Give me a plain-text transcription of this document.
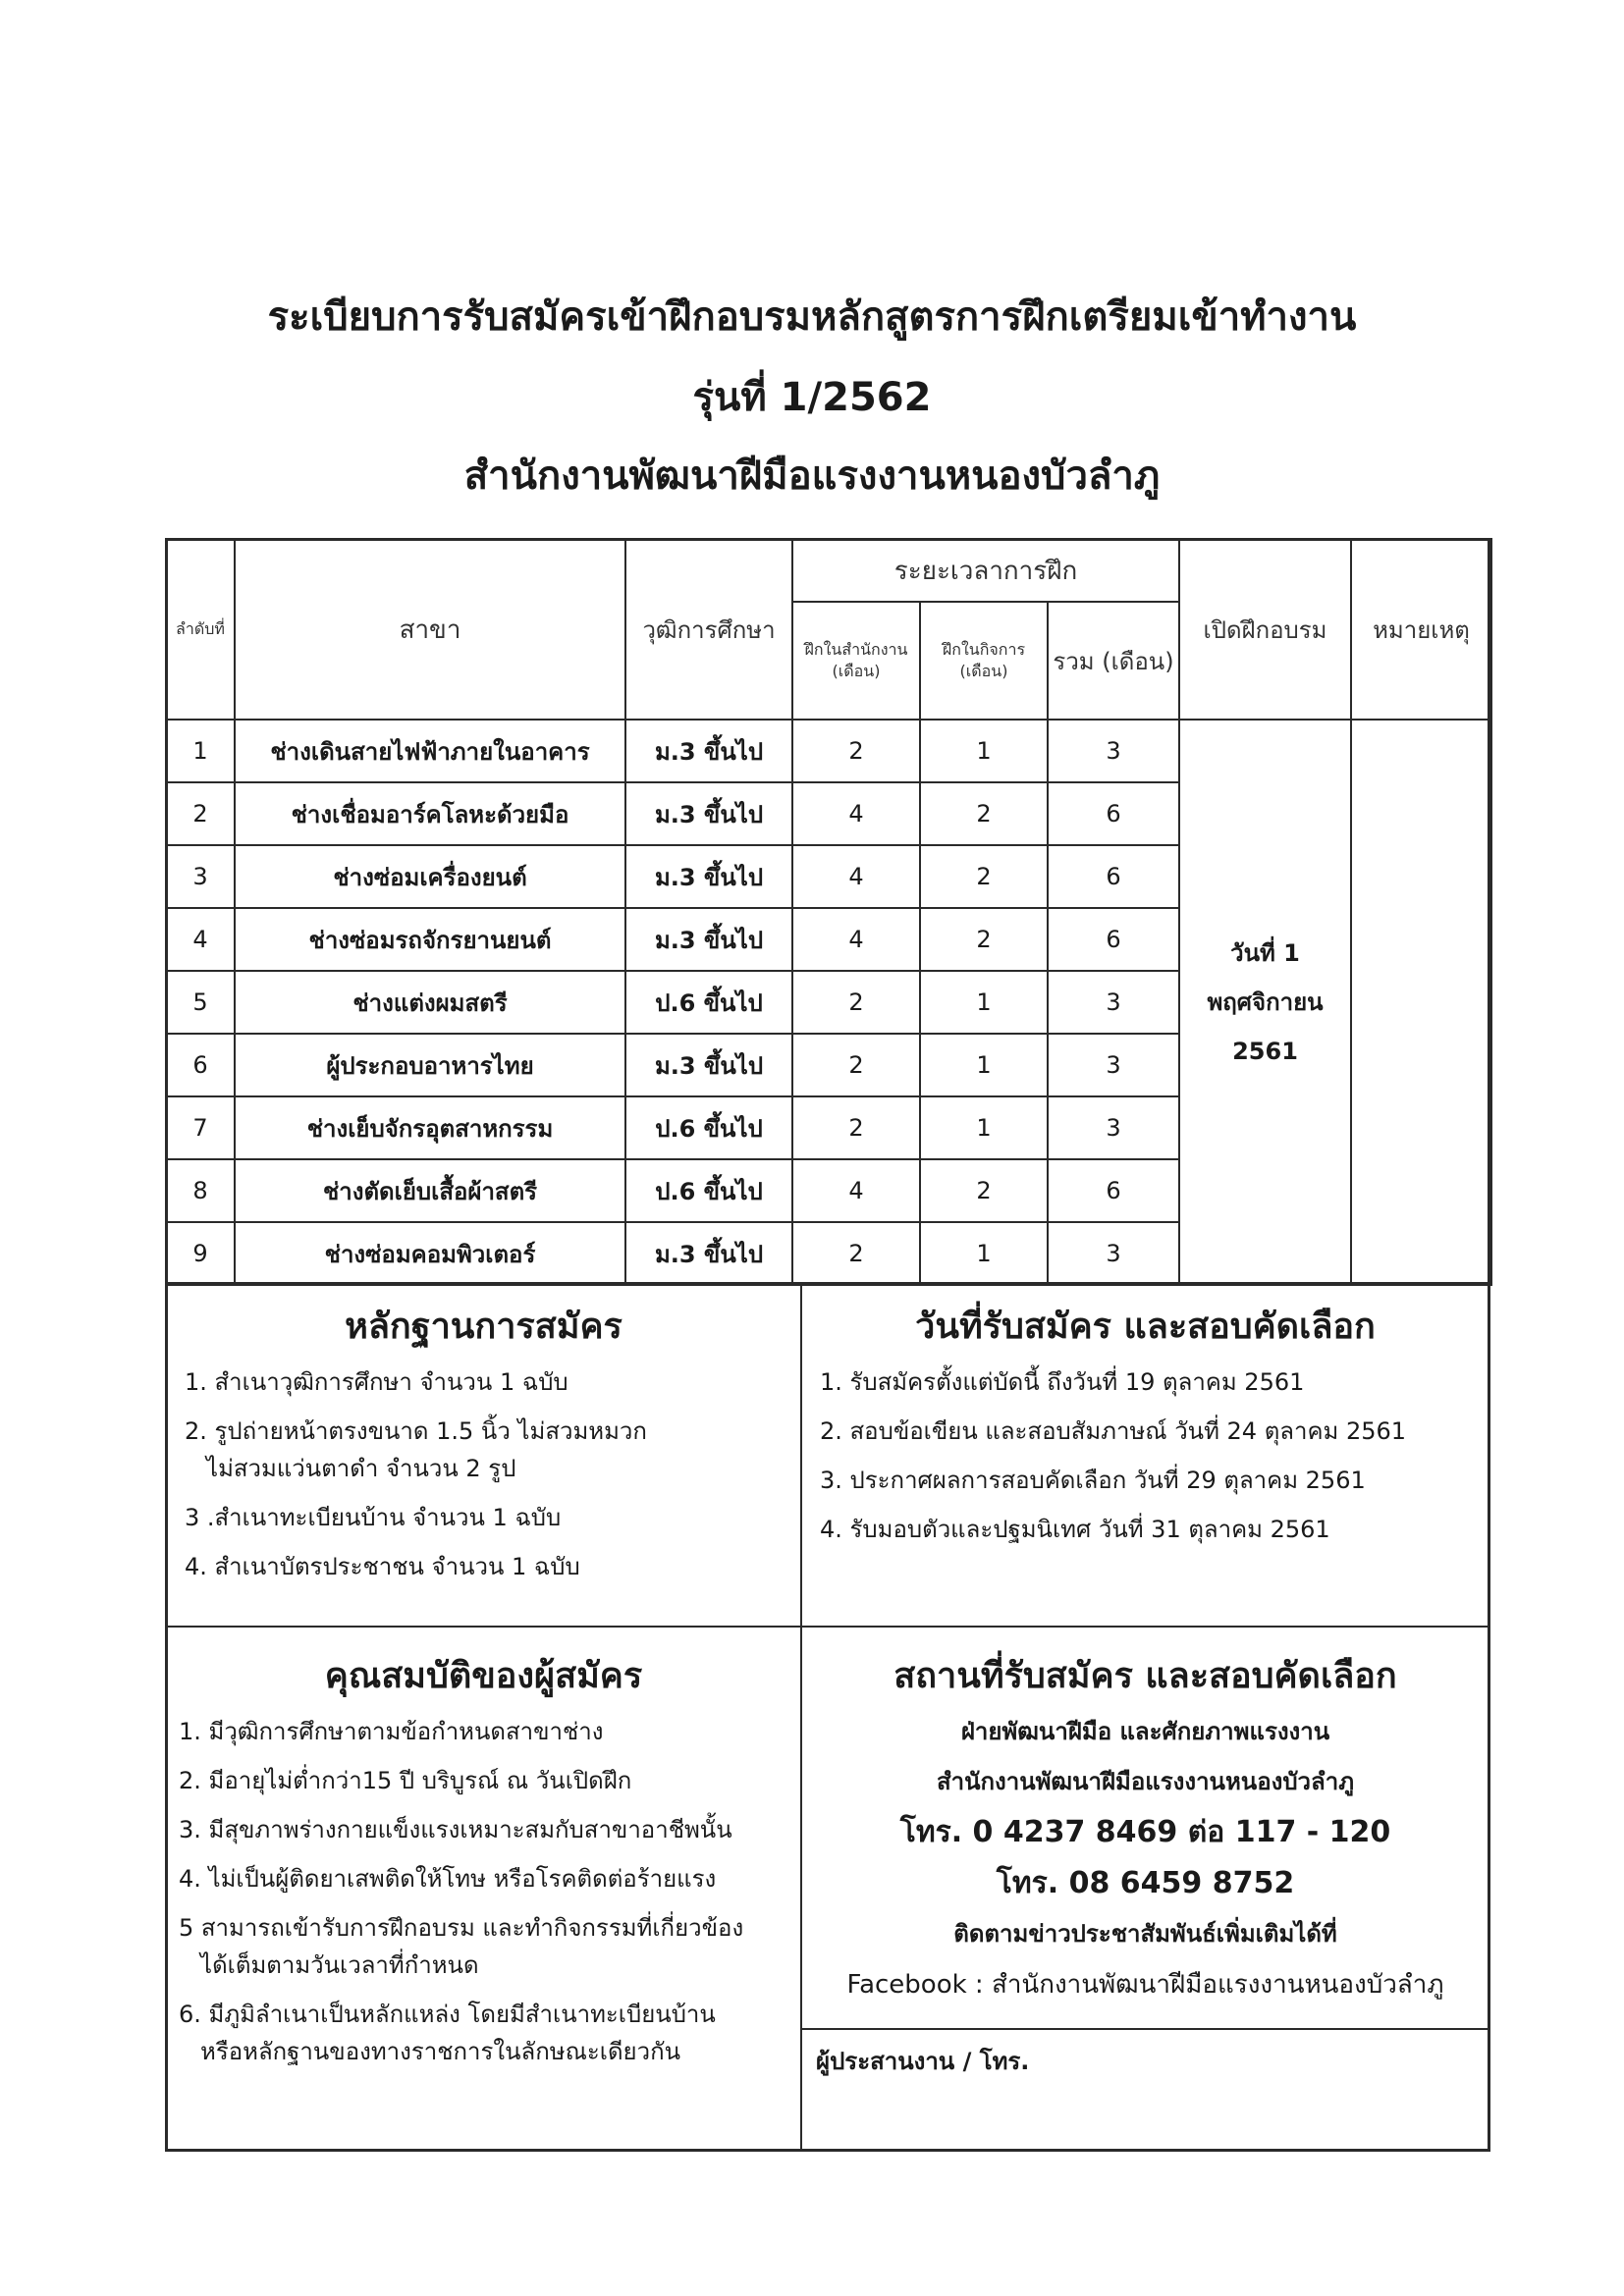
ระเบียบการรับสมัครเข้าฝึกอบรมหลักสูตรการฝึกเตรียมเข้าทำงาน
รุ่นที่ 1/2562
สำนักงานพัฒนาฝีมือแรงงานหนองบัวลำภู
ลำดับที่	สาขา	วุฒิการศึกษา	ระยะเวลาการฝึก			เปิดฝึกอบรม	หมายเหตุ
			ฝึกในสำนักงาน (เดือน)	ฝึกในกิจการ (เดือน)	รวม (เดือน)		
1	ช่างเดินสายไฟฟ้าภายในอาคาร	ม.3 ขึ้นไป	2	1	3	วันที่ 1
พฤศจิกายน
2561	

2	ช่างเชื่อมอาร์คโลหะด้วยมือ	ม.3 ขึ้นไป	4	2	6		
3	ช่างซ่อมเครื่องยนต์	ม.3 ขึ้นไป	4	2	6		
4	ช่างซ่อมรถจักรยานยนต์	ม.3 ขึ้นไป	4	2	6		
5	ช่างแต่งผมสตรี	ป.6 ขึ้นไป	2	1	3		
6	ผู้ประกอบอาหารไทย	ม.3 ขึ้นไป	2	1	3		
7	ช่างเย็บจักรอุตสาหกรรม	ป.6 ขึ้นไป	2	1	3		
8	ช่างตัดเย็บเสื้อผ้าสตรี	ป.6 ขึ้นไป	4	2	6		
9	ช่างซ่อมคอมพิวเตอร์	ม.3 ขึ้นไป	2	1	3		
หลักฐานการสมัคร
1. สำเนาวุฒิการศึกษา จำนวน 1 ฉบับ
2. รูปถ่ายหน้าตรงขนาด 1.5 นิ้ว ไม่สวมหมวก
ไม่สวมแว่นตาดำ จำนวน 2 รูป
3 .สำเนาทะเบียนบ้าน จำนวน 1 ฉบับ
4. สำเนาบัตรประชาชน จำนวน 1 ฉบับ
วันที่รับสมัคร และสอบคัดเลือก
1. รับสมัครตั้งแต่บัดนี้ ถึงวันที่ 19 ตุลาคม 2561
2. สอบข้อเขียน และสอบสัมภาษณ์ วันที่ 24 ตุลาคม 2561
3. ประกาศผลการสอบคัดเลือก วันที่ 29 ตุลาคม 2561
4. รับมอบตัวและปฐมนิเทศ วันที่ 31 ตุลาคม 2561
คุณสมบัติของผู้สมัคร
1. มีวุฒิการศึกษาตามข้อกำหนดสาขาช่าง
2. มีอายุไม่ต่ำกว่า15 ปี บริบูรณ์ ณ วันเปิดฝึก
3. มีสุขภาพร่างกายแข็งแรงเหมาะสมกับสาขาอาชีพนั้น
4. ไม่เป็นผู้ติดยาเสพติดให้โทษ หรือโรคติดต่อร้ายแรง
5 สามารถเข้ารับการฝึกอบรม และทำกิจกรรมที่เกี่ยวข้อง
ได้เต็มตามวันเวลาที่กำหนด
6. มีภูมิลำเนาเป็นหลักแหล่ง โดยมีสำเนาทะเบียนบ้าน
หรือหลักฐานของทางราชการในลักษณะเดียวกัน
สถานที่รับสมัคร และสอบคัดเลือก
ฝ่ายพัฒนาฝีมือ และศักยภาพแรงงาน
สำนักงานพัฒนาฝีมือแรงงานหนองบัวลำภู
โทร. 0 4237 8469 ต่อ 117 - 120
โทร. 08 6459 8752
ติดตามข่าวประชาสัมพันธ์เพิ่มเติมได้ที่
Facebook : สำนักงานพัฒนาฝีมือแรงงานหนองบัวลำภู
ผู้ประสานงาน / โทร.
